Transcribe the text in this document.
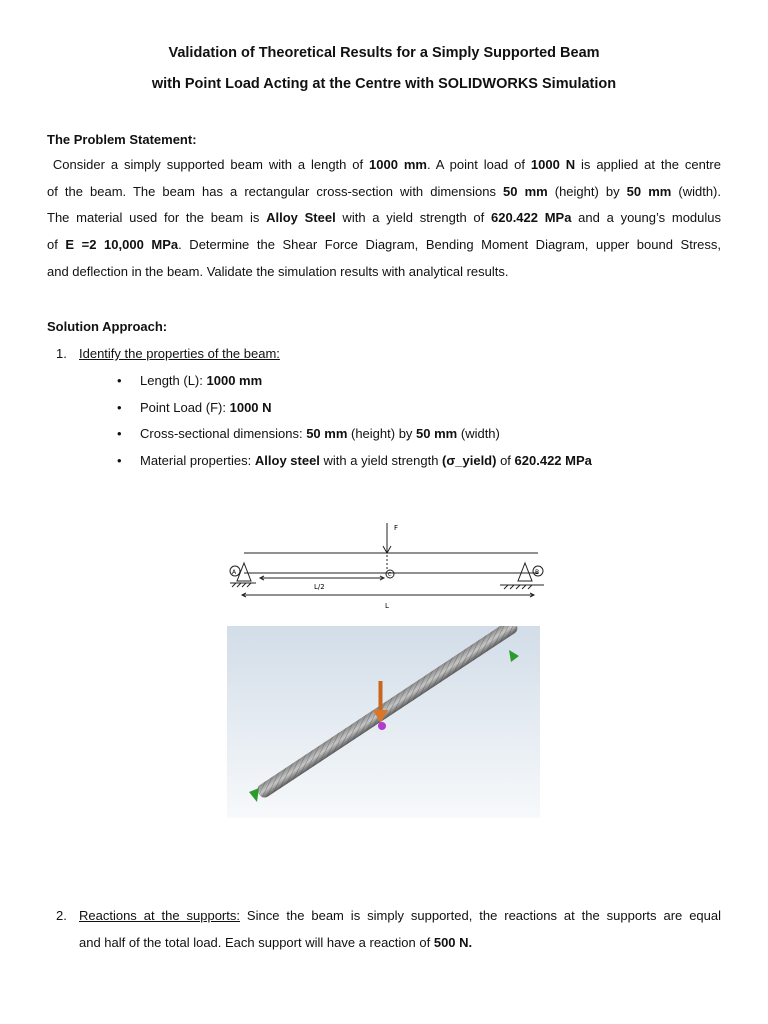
Validation of Theoretical Results for a Simply Supported Beam
with Point Load Acting at the Centre with SOLIDWORKS Simulation
The Problem Statement:
Consider a simply supported beam with a length of 1000 mm. A point load of 1000 N is applied at the centre
of the beam. The beam has a rectangular cross-section with dimensions 50 mm (height) by 50 mm (width).
The material used for the beam is Alloy Steel with a yield strength of 620.422 MPa and a young’s modulus
of E =2 10,000 MPa. Determine the Shear Force Diagram, Bending Moment Diagram, upper bound Stress,
and deflection in the beam. Validate the simulation results with analytical results.
Solution Approach:
1. Identify the properties of the beam:
• Length (L): 1000 mm
• Point Load (F): 1000 N
• Cross-sectional dimensions: 50 mm (height) by 50 mm (width)
• Material properties: Alloy steel with a yield strength (σ_yield) of 620.422 MPa
F
A	B
C
L/2
L
2. Reactions at the supports: Since the beam is simply supported, the reactions at the supports are equal
and half of the total load. Each support will have a reaction of 500 N.
